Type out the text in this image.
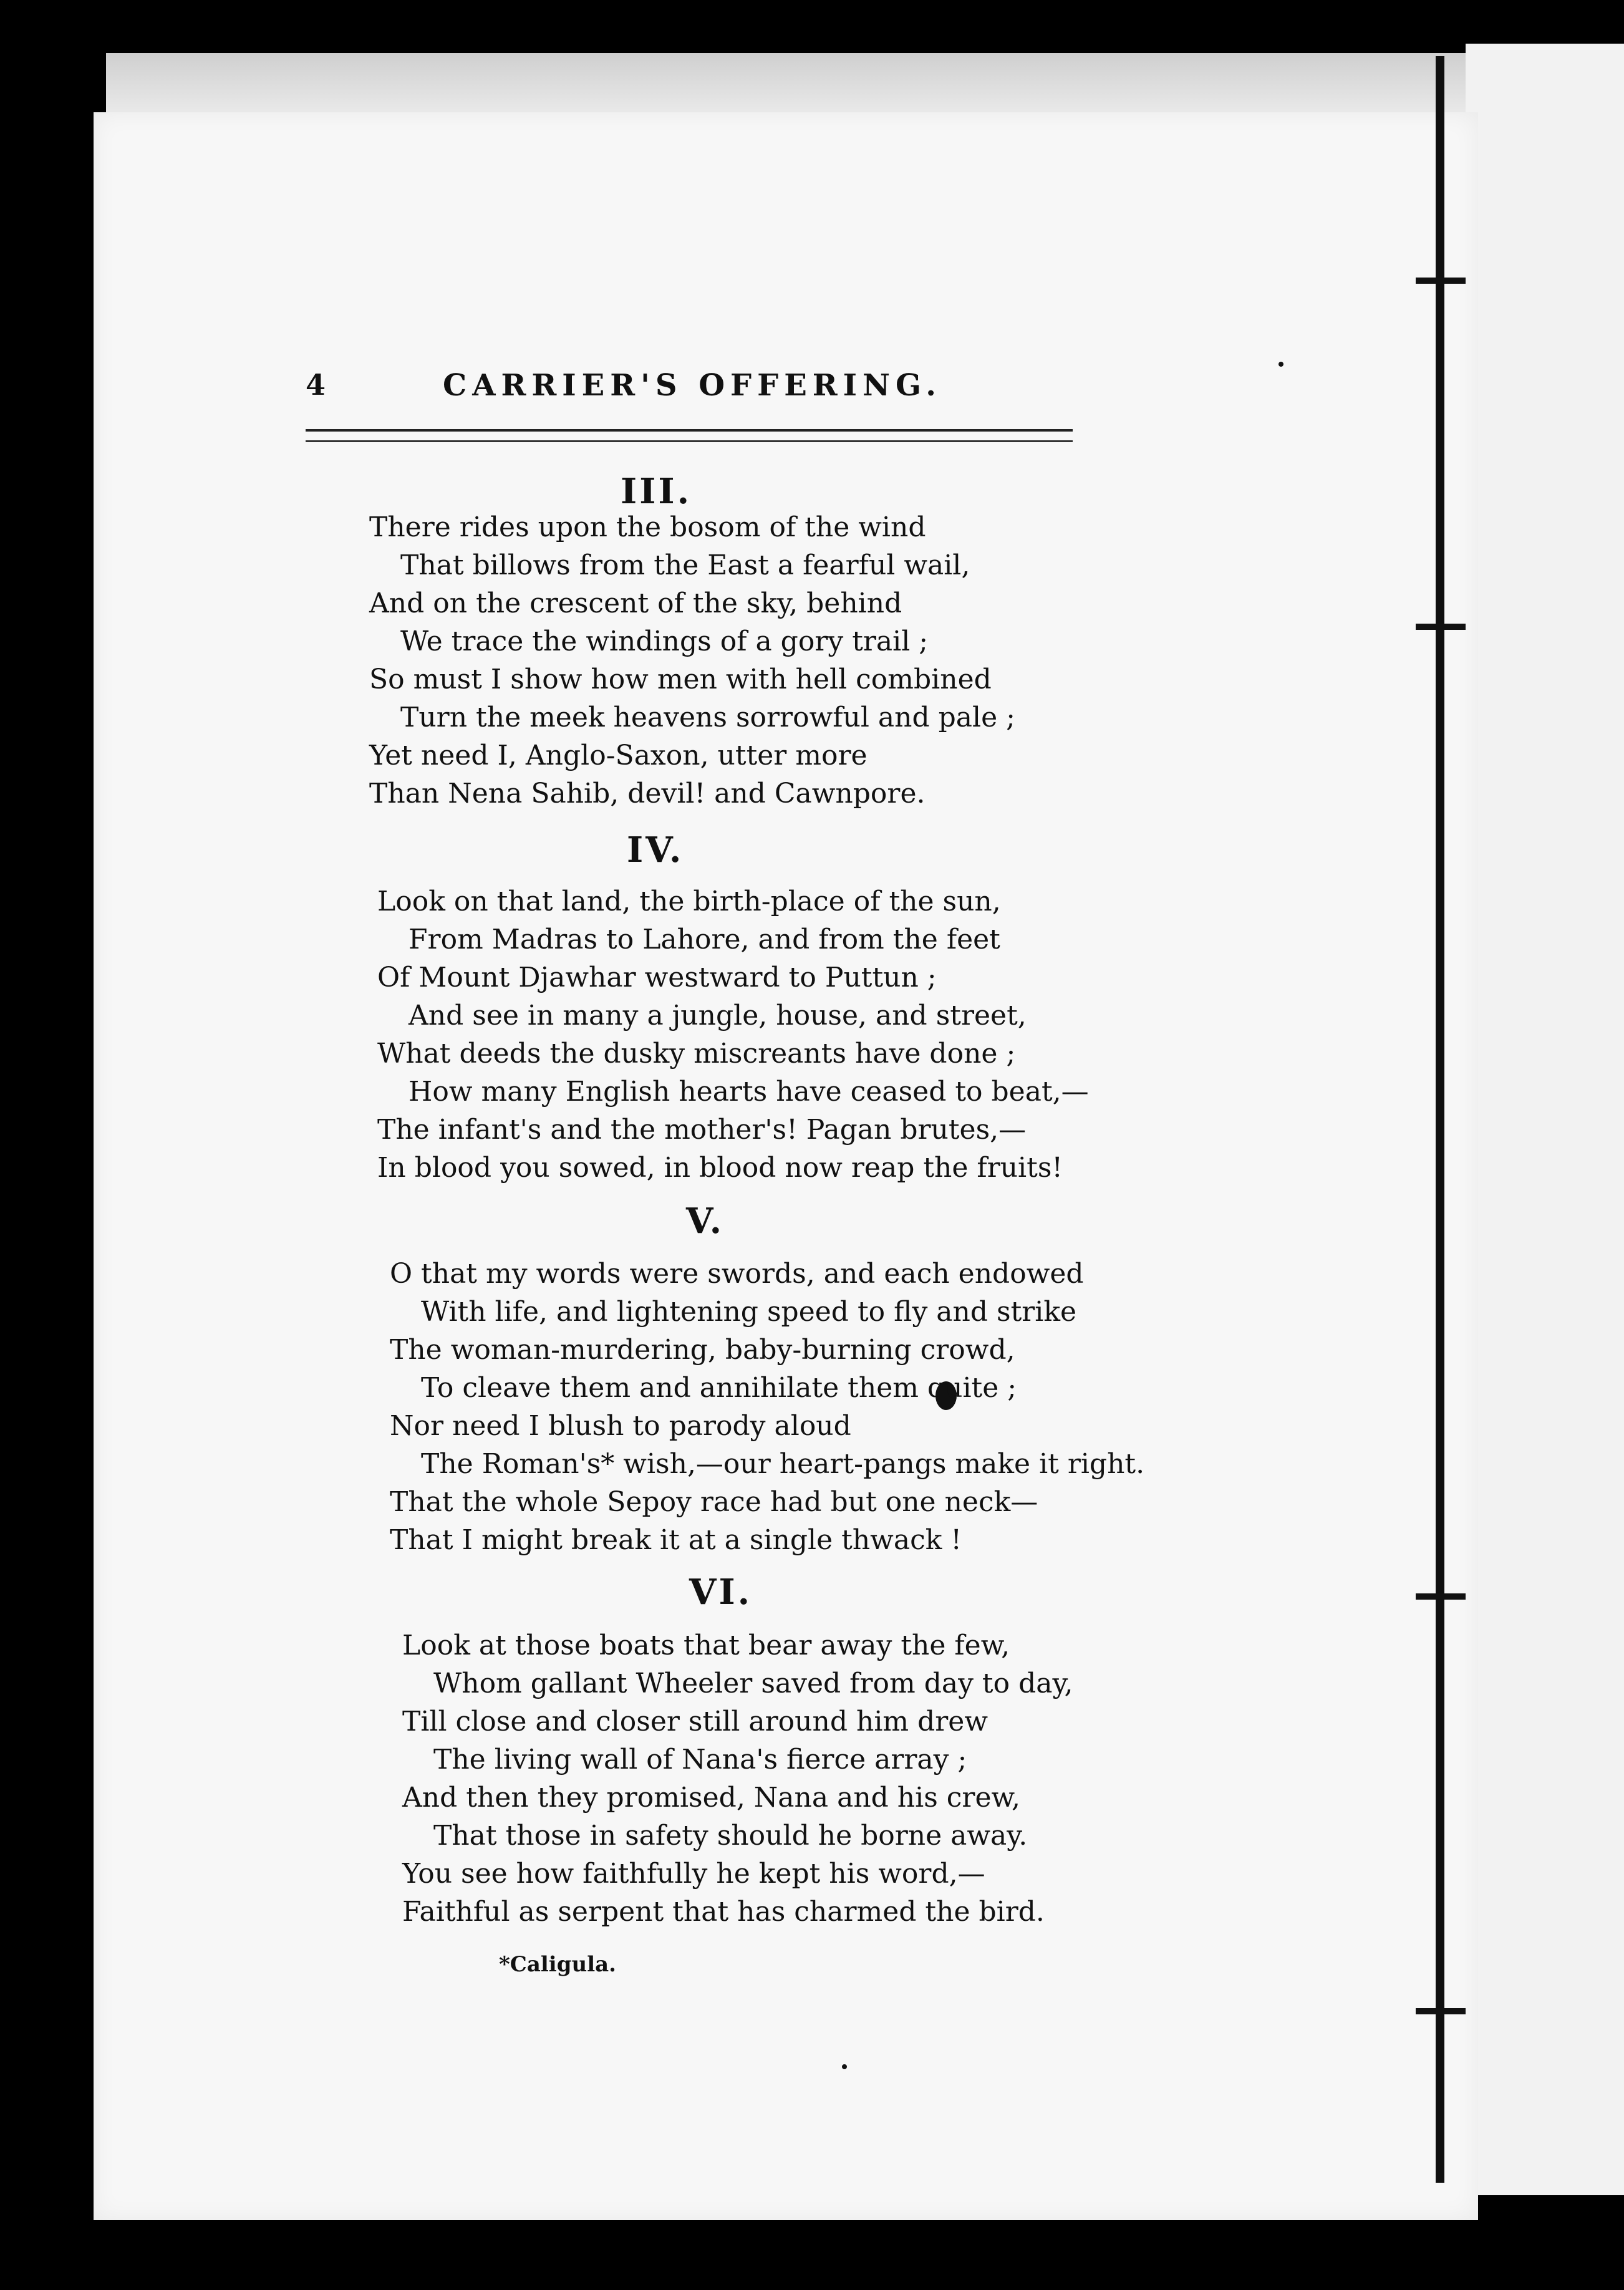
4	CARRIER'S OFFERING.
III.
There rides upon the bosom of the wind
That billows from the East a fearful wail,
And on the crescent of the sky, behind
We trace the windings of a gory trail ;
So must I show how men with hell combined
Turn the meek heavens sorrowful and pale ;
Yet need I, Anglo-Saxon, utter more
Than Nena Sahib, devil! and Cawnpore.
IV.
Look on that land, the birth-place of the sun,
From Madras to Lahore, and from the feet
Of Mount Djawhar westward to Puttun ;
And see in many a jungle, house, and street,
What deeds the dusky miscreants have done ;
How many English hearts have ceased to beat,—
The infant's and the mother's! Pagan brutes,—
In blood you sowed, in blood now reap the fruits!
V.
O that my words were swords, and each endowed
With life, and lightening speed to fly and strike
The woman-murdering, baby-burning crowd,
To cleave them and annihilate them quite ;
Nor need I blush to parody aloud
The Roman's* wish,—our heart-pangs make it right.
That the whole Sepoy race had but one neck—
That I might break it at a single thwack !
VI.
Look at those boats that bear away the few,
Whom gallant Wheeler saved from day to day,
Till close and closer still around him drew
The living wall of Nana's fierce array ;
And then they promised, Nana and his crew,
That those in safety should he borne away.
You see how faithfully he kept his word,—
Faithful as serpent that has charmed the bird.
*Caligula.
